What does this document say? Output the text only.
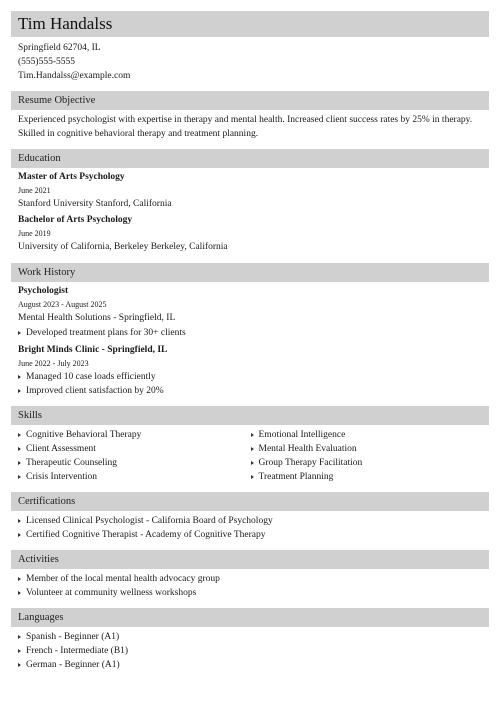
Tim Handalss
Springfield 62704, IL
(555)555-5555
Tim.Handalss@example.com
Resume Objective
Experienced psychologist with expertise in therapy and mental health. Increased client success rates by 25% in therapy. Skilled in cognitive behavioral therapy and treatment planning.
Education
Master of Arts Psychology
June 2021
Stanford University Stanford, California
Bachelor of Arts Psychology
June 2019
University of California, Berkeley Berkeley, California
Work History
Psychologist
August 2023 - August 2025
Mental Health Solutions - Springfield, IL
Developed treatment plans for 30+ clients
Bright Minds Clinic - Springfield, IL
June 2022 - July 2023
Managed 10 case loads efficiently
Improved client satisfaction by 20%
Skills
Cognitive Behavioral Therapy
Client Assessment
Therapeutic Counseling
Crisis Intervention
Emotional Intelligence
Mental Health Evaluation
Group Therapy Facilitation
Treatment Planning
Certifications
Licensed Clinical Psychologist - California Board of Psychology
Certified Cognitive Therapist - Academy of Cognitive Therapy
Activities
Member of the local mental health advocacy group
Volunteer at community wellness workshops
Languages
Spanish - Beginner (A1)
French - Intermediate (B1)
German - Beginner (A1)
